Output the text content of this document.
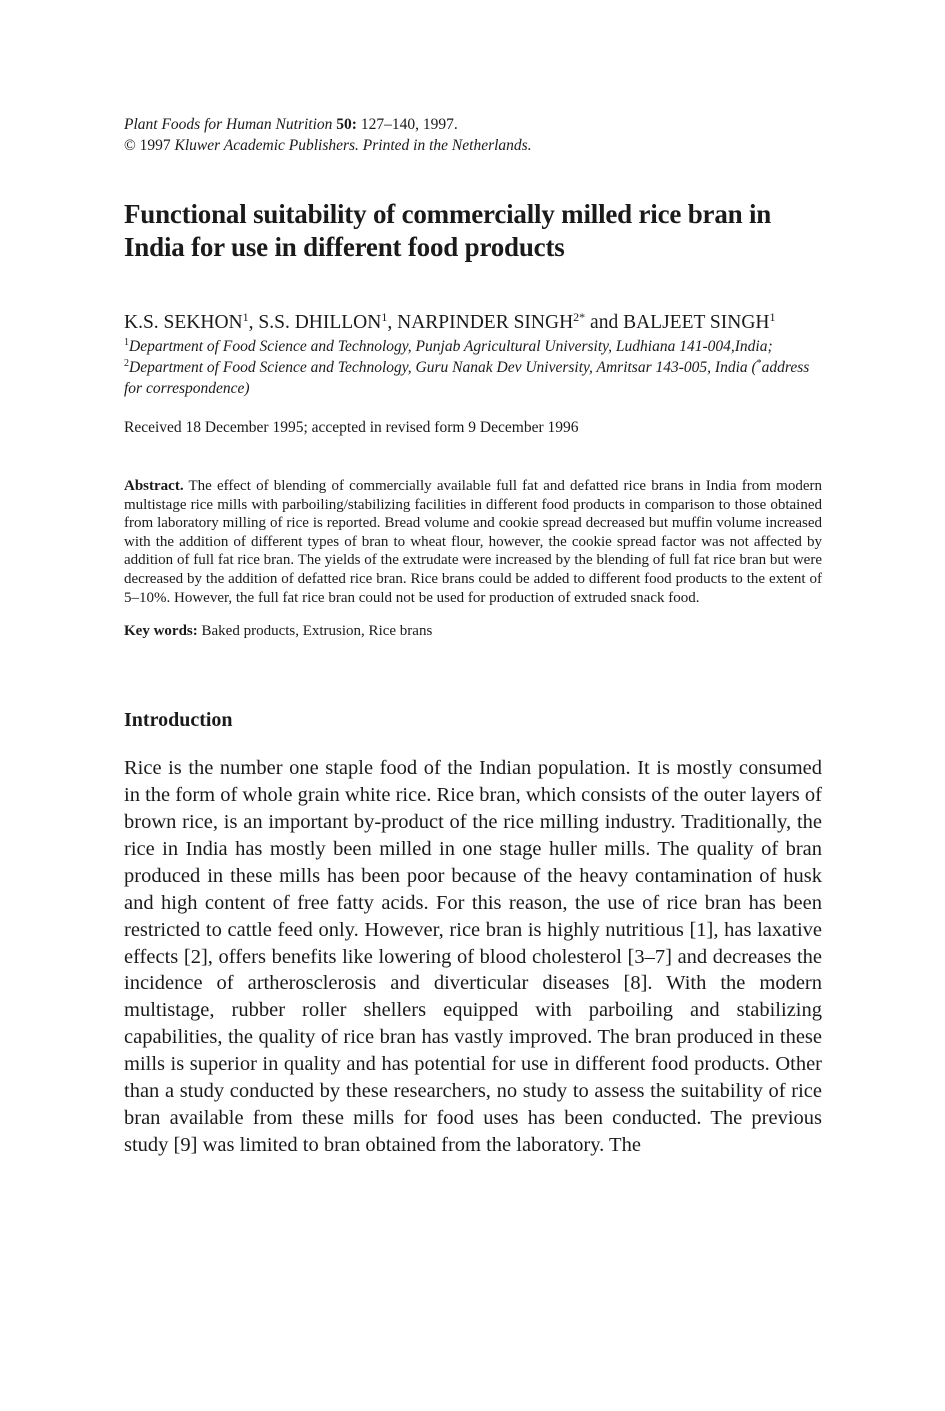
Plant Foods for Human Nutrition 50: 127–140, 1997.
© 1997 Kluwer Academic Publishers. Printed in the Netherlands.
Functional suitability of commercially milled rice bran in India for use in different food products
K.S. SEKHON$^1$, S.S. DHILLON$^1$, NARPINDER $SINGH^{2*}$ and BALJEET SINGH$^1$
$^1$Department of Food Science and Technology, Punjab Agricultural University, Ludhiana 141-004,India; $^2$Department of Food Science and Technology, Guru Nanak Dev University, Amritsar 143-005, India (*address for correspondence)
Received 18 December 1995; accepted in revised form 9 December 1996
Abstract. The effect of blending of commercially available full fat and defatted rice brans in India from modern multistage rice mills with parboiling/stabilizing facilities in different food products in comparison to those obtained from laboratory milling of rice is reported. Bread volume and cookie spread decreased but muffin volume increased with the addition of different types of bran to wheat flour, however, the cookie spread factor was not affected by addition of full fat rice bran. The yields of the extrudate were increased by the blending of full fat rice bran but were decreased by the addition of defatted rice bran. Rice brans could be added to different food products to the extent of 5–10%. However, the full fat rice bran could not be used for production of extruded snack food.
Key words: Baked products, Extrusion, Rice brans
Introduction
Rice is the number one staple food of the Indian population. It is mostly consumed in the form of whole grain white rice. Rice bran, which consists of the outer layers of brown rice, is an important by-product of the rice milling industry. Traditionally, the rice in India has mostly been milled in one stage huller mills. The quality of bran produced in these mills has been poor because of the heavy contamination of husk and high content of free fatty acids. For this reason, the use of rice bran has been restricted to cattle feed only. However, rice bran is highly nutritious [1], has laxative effects [2], offers benefits like lowering of blood cholesterol [3–7] and decreases the incidence of artherosclerosis and diverticular diseases [8]. With the modern multistage, rubber roller shellers equipped with parboiling and stabilizing capabilities, the quality of rice bran has vastly improved. The bran produced in these mills is superior in quality and has potential for use in different food products. Other than a study conducted by these researchers, no study to assess the suitability of rice bran available from these mills for food uses has been conducted. The previous study [9] was limited to bran obtained from the laboratory. The
